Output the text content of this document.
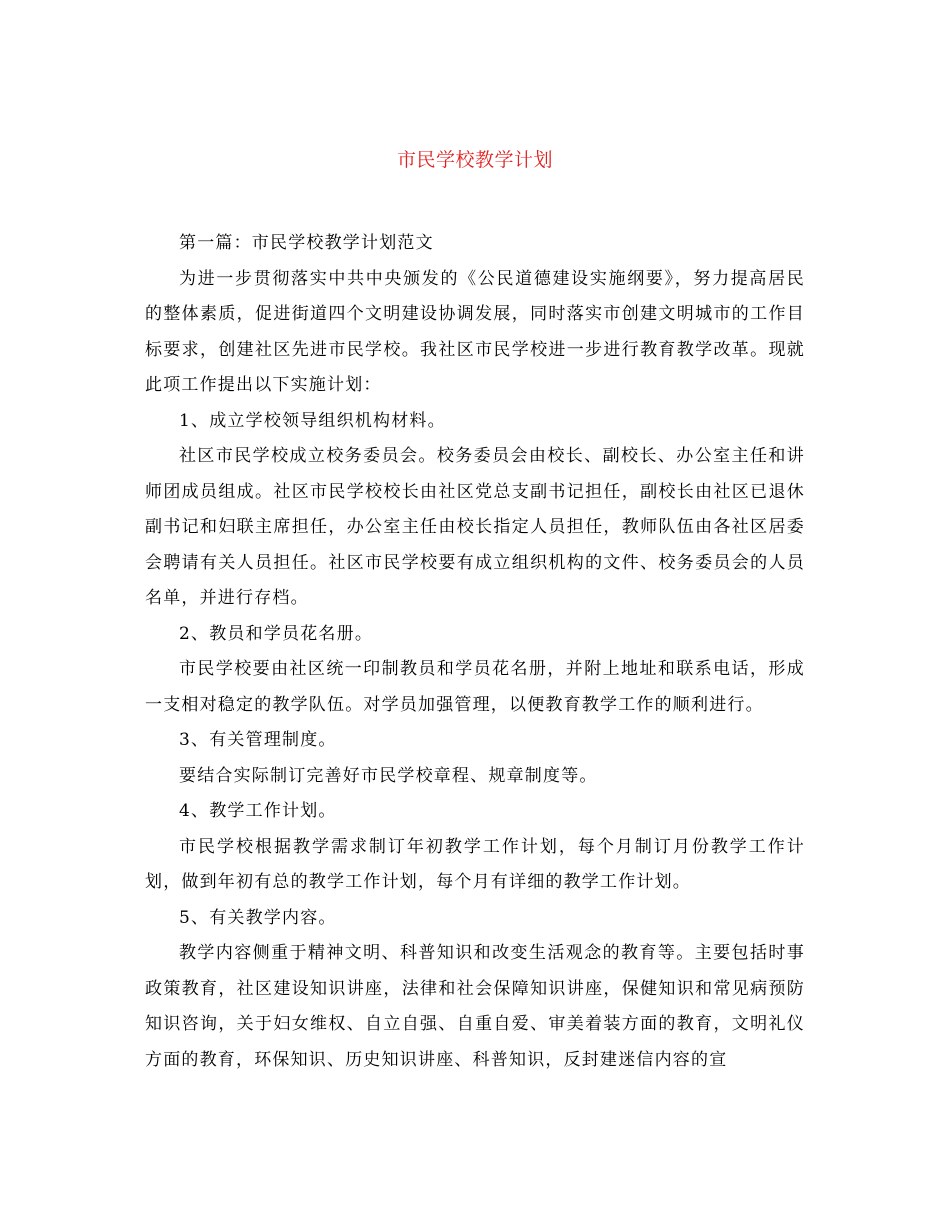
市民学校教学计划

第一篇：市民学校教学计划范文

为进一步贯彻落实中共中央颁发的《公民道德建设实施纲要》，努力提高居民的整体素质，促进街道四个文明建设协调发展，同时落实市创建文明城市的工作目标要求，创建社区先进市民学校。我社区市民学校进一步进行教育教学改革。现就此项工作提出以下实施计划：

1、成立学校领导组织机构材料。

社区市民学校成立校务委员会。校务委员会由校长、副校长、办公室主任和讲师团成员组成。社区市民学校校长由社区党总支副书记担任，副校长由社区已退休副书记和妇联主席担任，办公室主任由校长指定人员担任，教师队伍由各社区居委会聘请有关人员担任。社区市民学校要有成立组织机构的文件、校务委员会的人员名单，并进行存档。

2、教员和学员花名册。

市民学校要由社区统一印制教员和学员花名册，并附上地址和联系电话，形成一支相对稳定的教学队伍。对学员加强管理，以便教育教学工作的顺利进行。

3、有关管理制度。

要结合实际制订完善好市民学校章程、规章制度等。

4、教学工作计划。

市民学校根据教学需求制订年初教学工作计划，每个月制订月份教学工作计划，做到年初有总的教学工作计划，每个月有详细的教学工作计划。

5、有关教学内容。

教学内容侧重于精神文明、科普知识和改变生活观念的教育等。主要包括时事政策教育，社区建设知识讲座，法律和社会保障知识讲座，保健知识和常见病预防知识咨询，关于妇女维权、自立自强、自重自爱、审美着装方面的教育，文明礼仪方面的教育，环保知识、历史知识讲座、科普知识，反封建迷信内容的宣
